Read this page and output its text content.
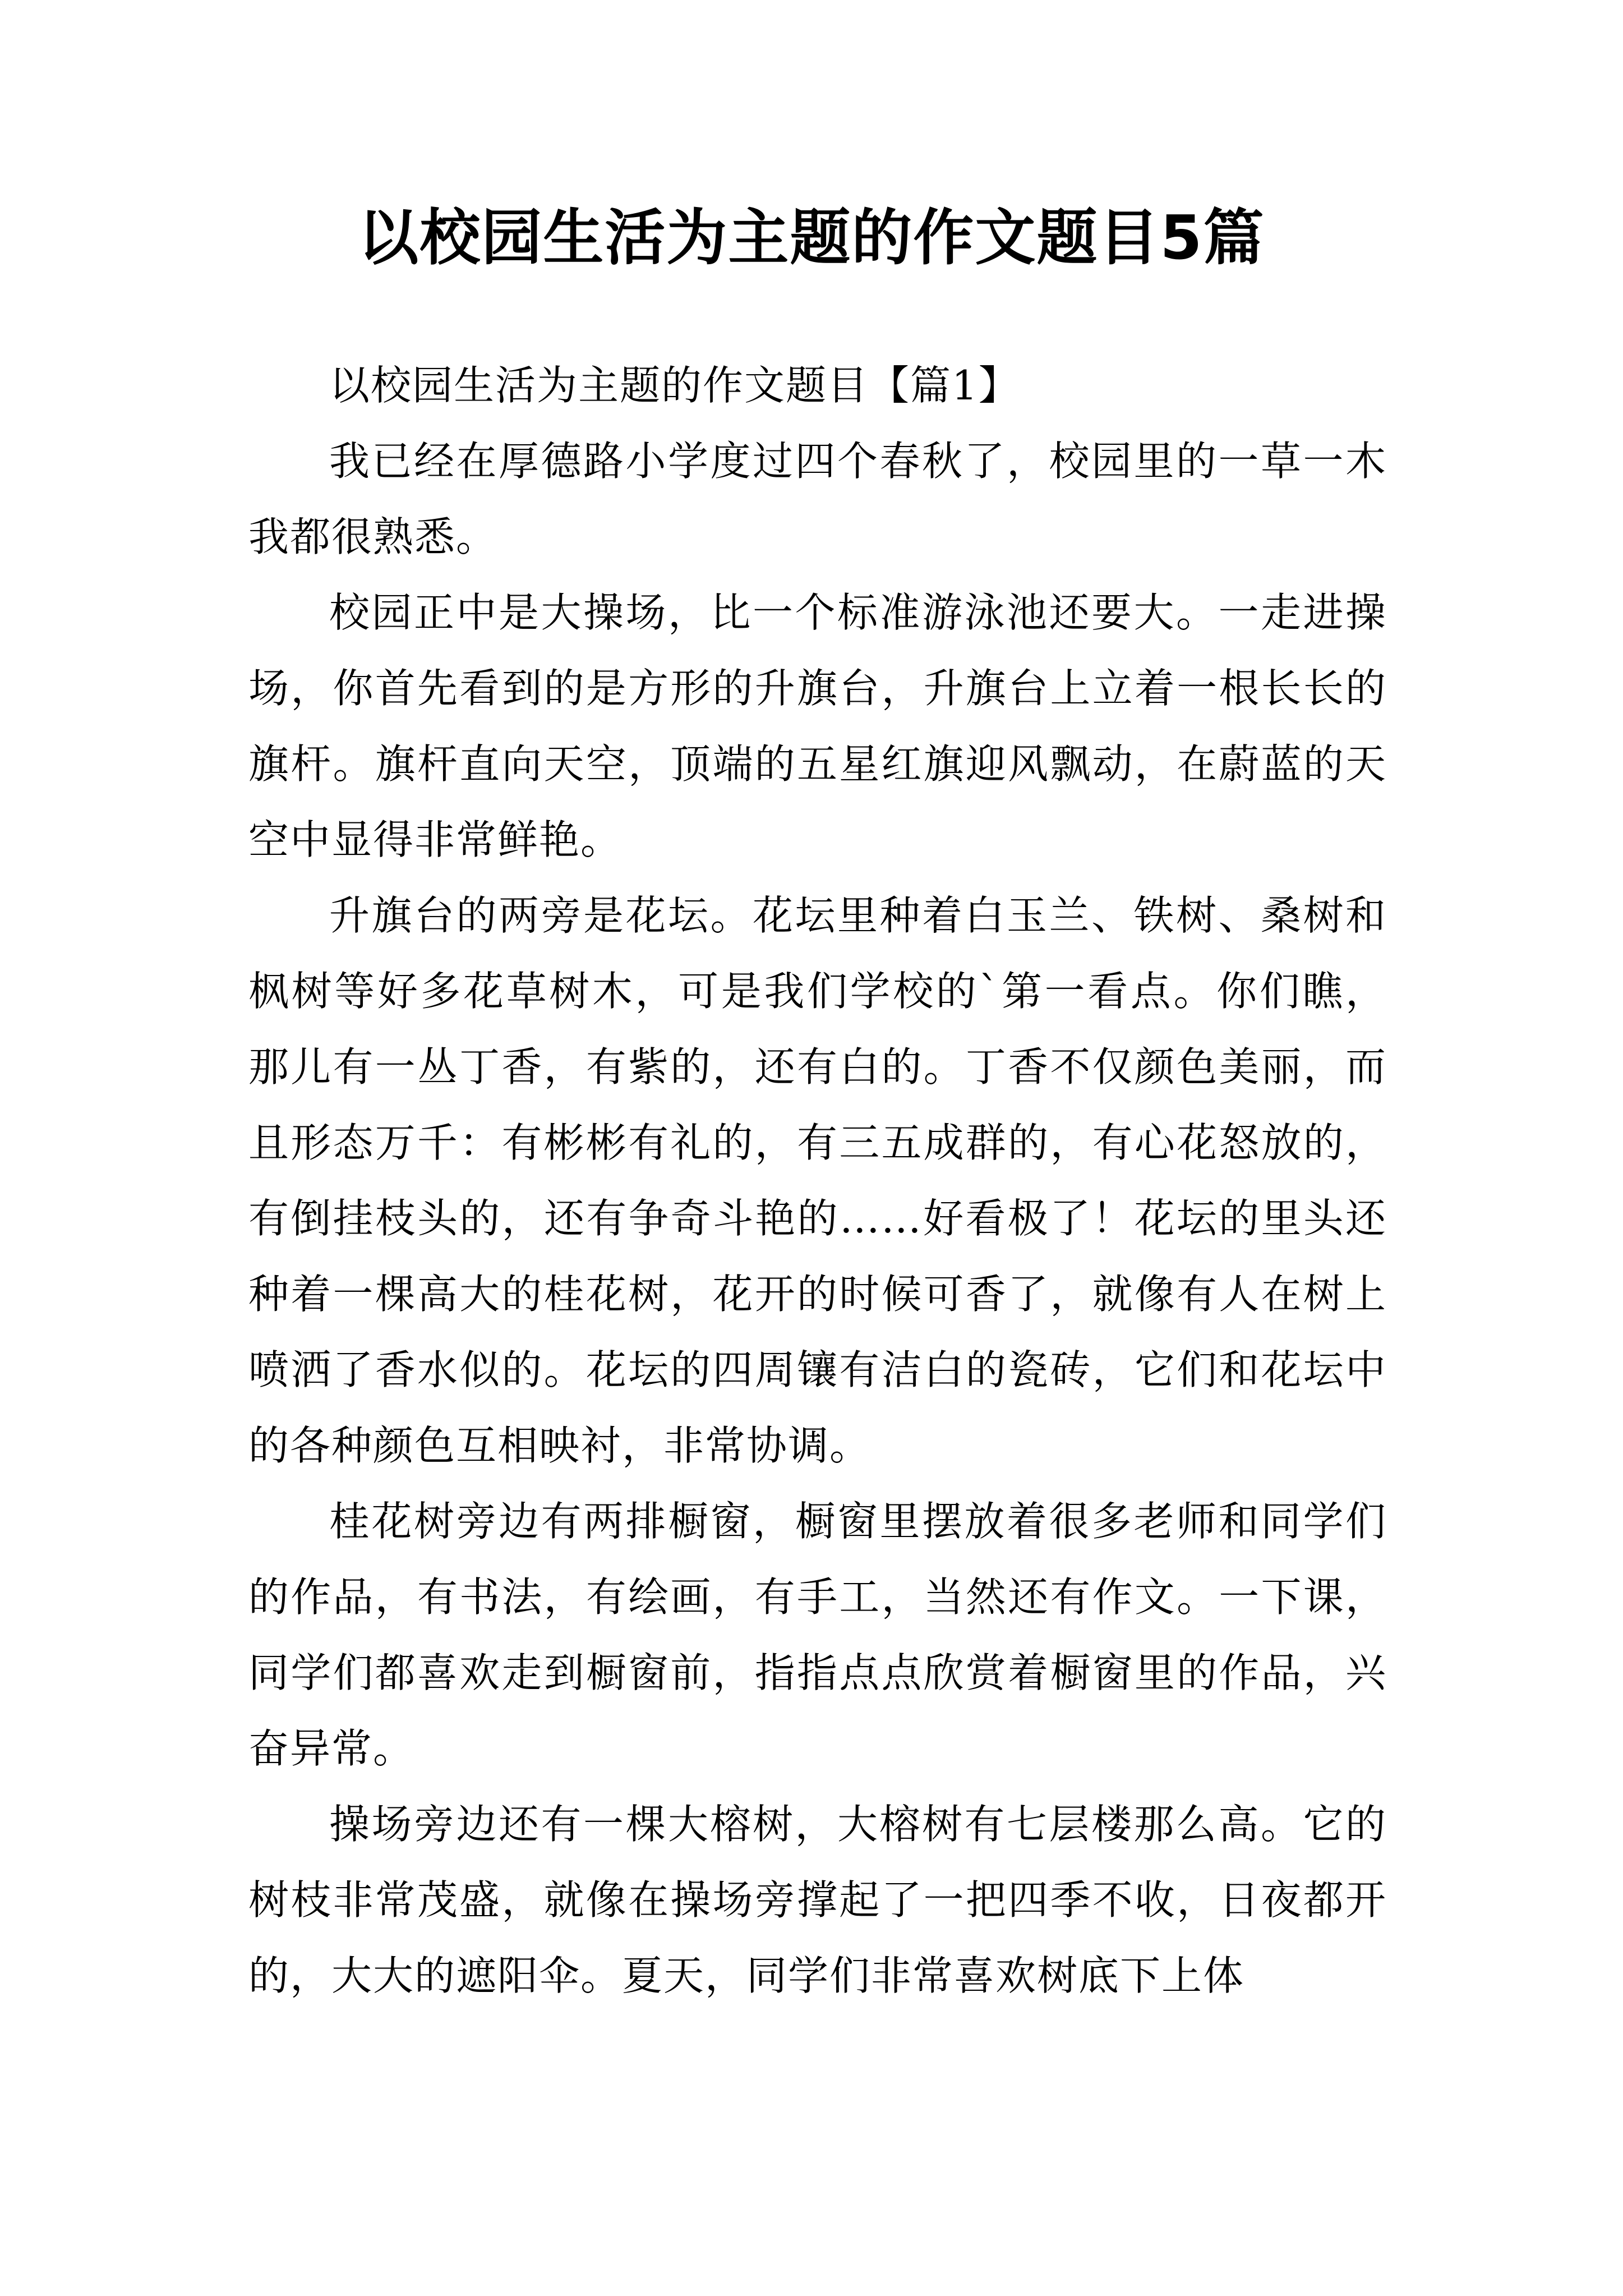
以校园生活为主题的作文题目5篇

以校园生活为主题的作文题目【篇1】

我已经在厚德路小学度过四个春秋了，校园里的一草一木我都很熟悉。

校园正中是大操场，比一个标准游泳池还要大。一走进操场，你首先看到的是方形的升旗台，升旗台上立着一根长长的旗杆。旗杆直向天空，顶端的五星红旗迎风飘动，在蔚蓝的天空中显得非常鲜艳。

升旗台的两旁是花坛。花坛里种着白玉兰、铁树、桑树和枫树等好多花草树木，可是我们学校的`第一看点。你们瞧，那儿有一丛丁香，有紫的，还有白的。丁香不仅颜色美丽，而且形态万千：有彬彬有礼的，有三五成群的，有心花怒放的，有倒挂枝头的，还有争奇斗艳的……好看极了！花坛的里头还种着一棵高大的桂花树，花开的时候可香了，就像有人在树上喷洒了香水似的。花坛的四周镶有洁白的瓷砖，它们和花坛中的各种颜色互相映衬，非常协调。

桂花树旁边有两排橱窗，橱窗里摆放着很多老师和同学们的作品，有书法，有绘画，有手工，当然还有作文。一下课，同学们都喜欢走到橱窗前，指指点点欣赏着橱窗里的作品，兴奋异常。

操场旁边还有一棵大榕树，大榕树有七层楼那么高。它的树枝非常茂盛，就像在操场旁撑起了一把四季不收，日夜都开的，大大的遮阳伞。夏天，同学们非常喜欢树底下上体
